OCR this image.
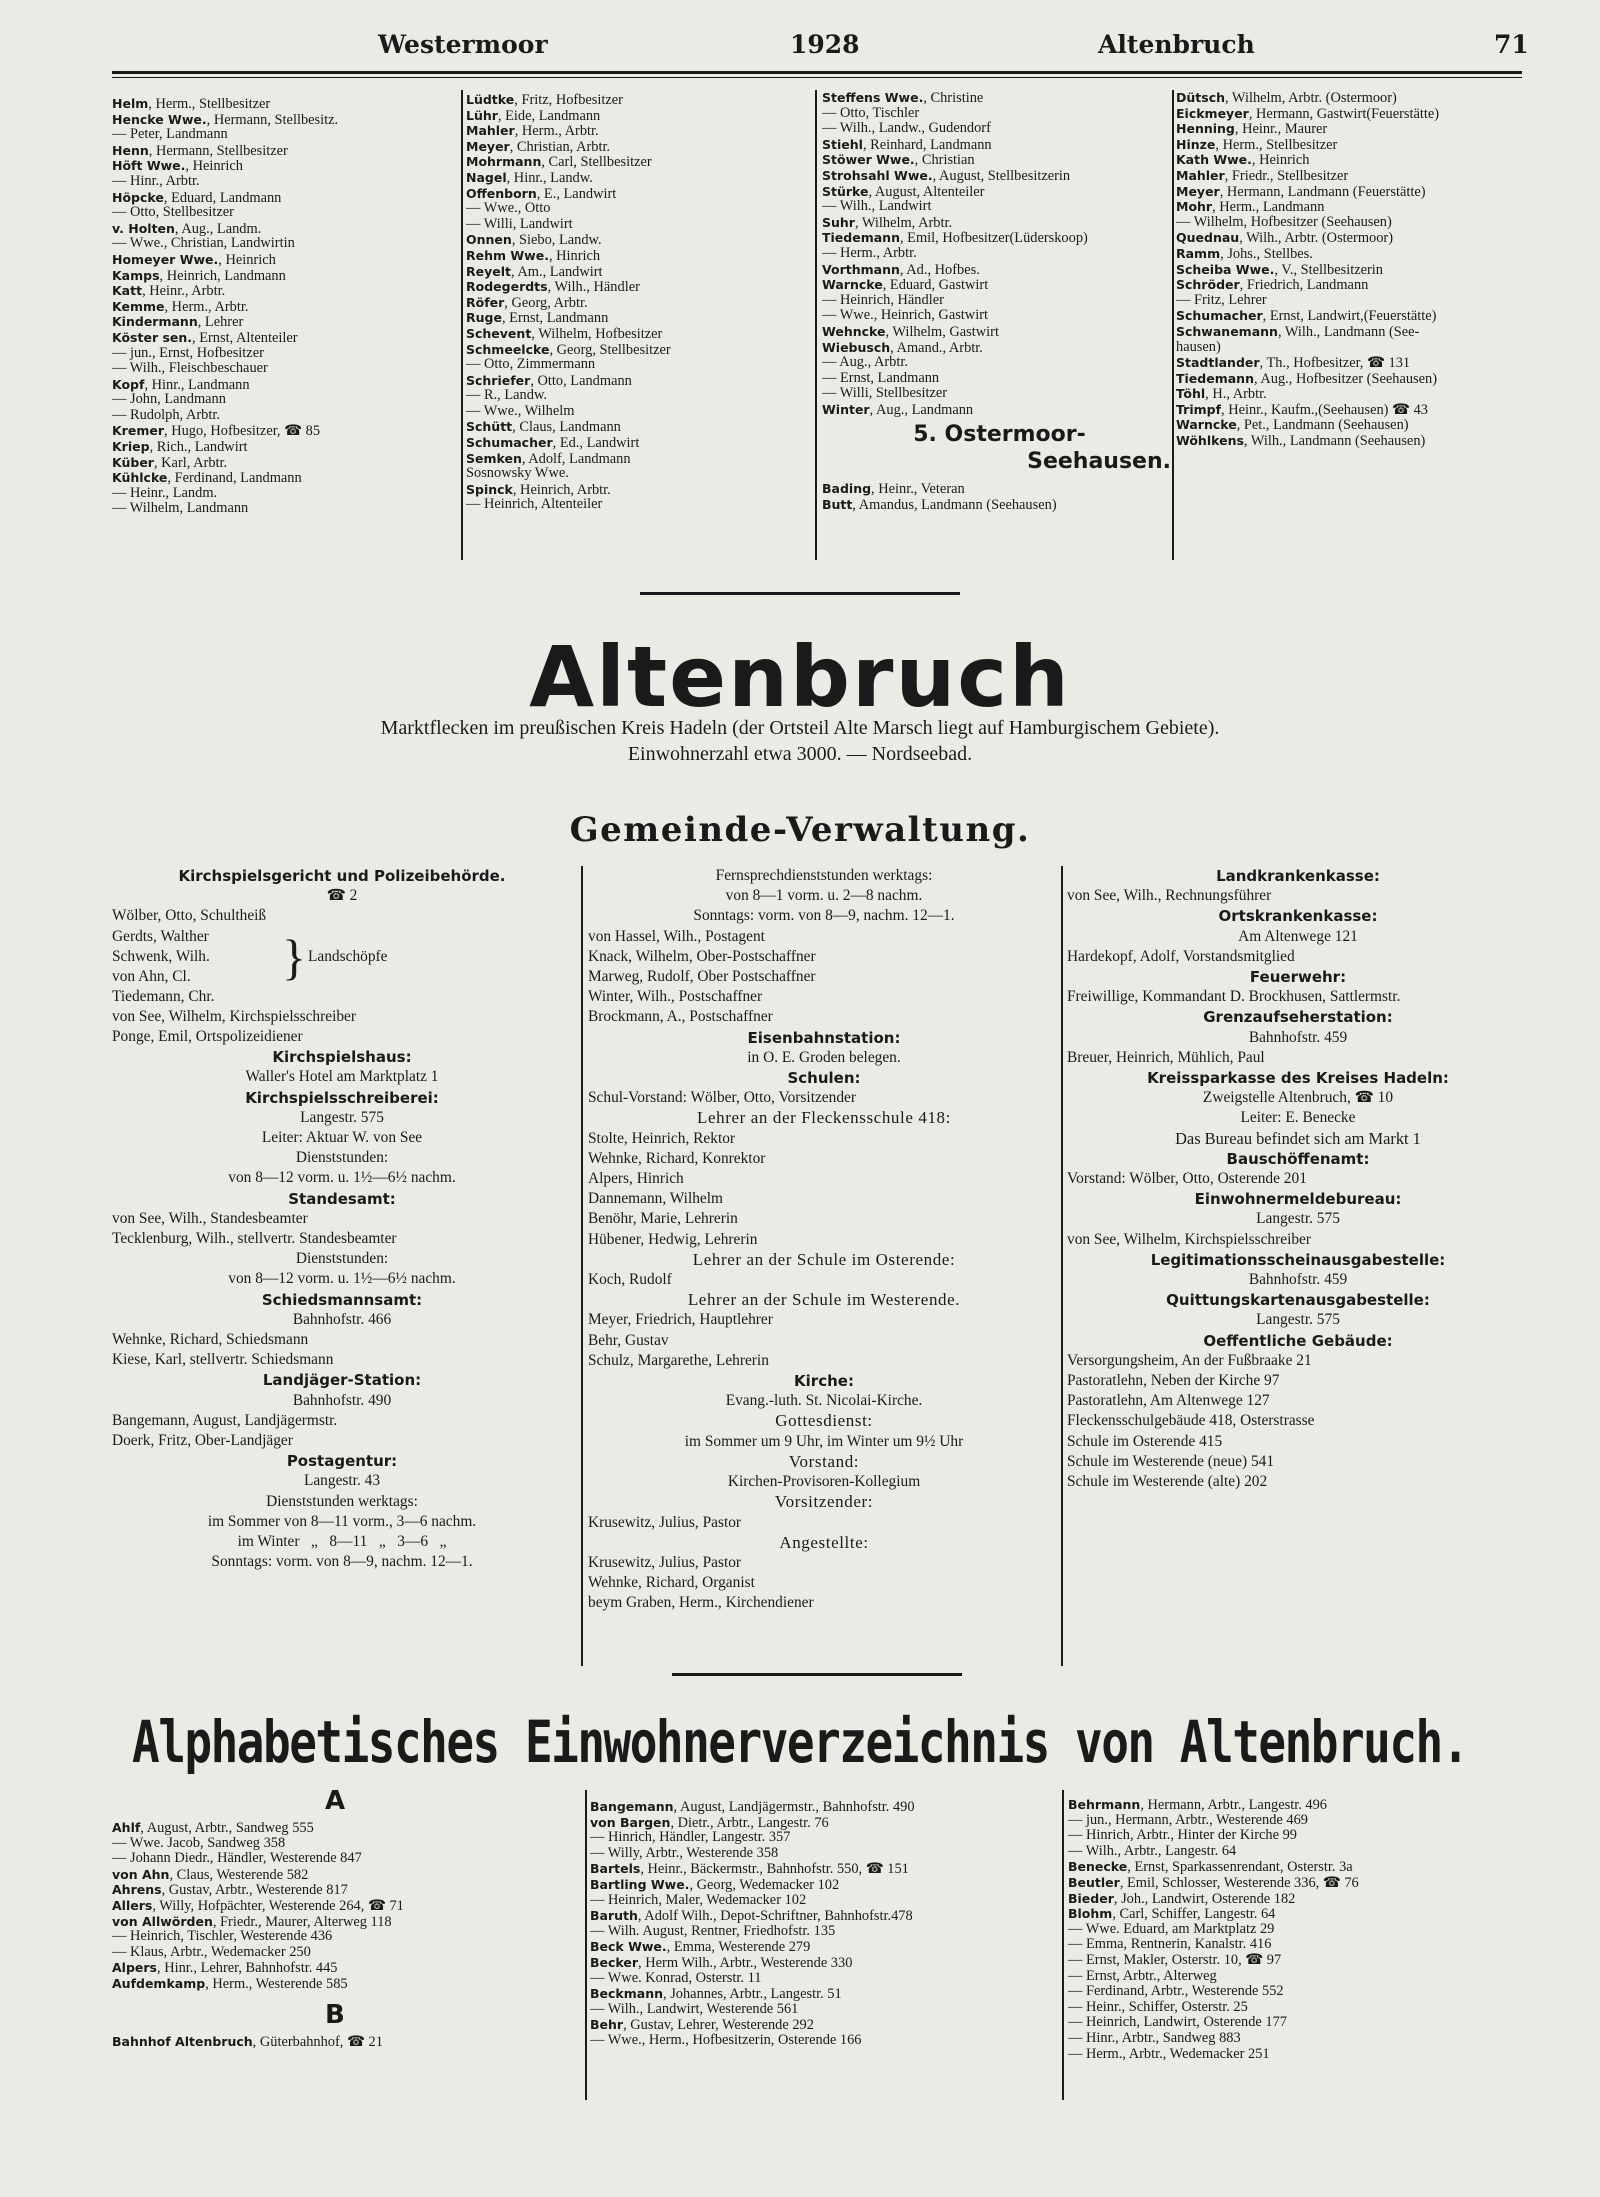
Westermoor	1928	Altenbruch	71
Helm, Herm., Stellbesitzer
Hencke Wwe., Hermann, Stellbesitz.
— Peter, Landmann
Henn, Hermann, Stellbesitzer
Höft Wwe., Heinrich
— Hinr., Arbtr.
Höpcke, Eduard, Landmann
— Otto, Stellbesitzer
v. Holten, Aug., Landm.
— Wwe., Christian, Landwirtin
Homeyer Wwe., Heinrich
Kamps, Heinrich, Landmann
Katt, Heinr., Arbtr.
Kemme, Herm., Arbtr.
Kindermann, Lehrer
Köster sen., Ernst, Altenteiler
— jun., Ernst, Hofbesitzer
— Wilh., Fleischbeschauer
Kopf, Hinr., Landmann
— John, Landmann
— Rudolph, Arbtr.
Kremer, Hugo, Hofbesitzer, ☎ 85
Kriep, Rich., Landwirt
Küber, Karl, Arbtr.
Kühlcke, Ferdinand, Landmann
— Heinr., Landm.
— Wilhelm, Landmann
Lüdtke, Fritz, Hofbesitzer
Lühr, Eide, Landmann
Mahler, Herm., Arbtr.
Meyer, Christian, Arbtr.
Mohrmann, Carl, Stellbesitzer
Nagel, Hinr., Landw.
Offenborn, E., Landwirt
— Wwe., Otto
— Willi, Landwirt
Onnen, Siebo, Landw.
Rehm Wwe., Hinrich
Reyelt, Am., Landwirt
Rodegerdts, Wilh., Händler
Röfer, Georg, Arbtr.
Ruge, Ernst, Landmann
Schevent, Wilhelm, Hofbesitzer
Schmeelcke, Georg, Stellbesitzer
— Otto, Zimmermann
Schriefer, Otto, Landmann
— R., Landw.
— Wwe., Wilhelm
Schütt, Claus, Landmann
Schumacher, Ed., Landwirt
Semken, Adolf, Landmann
Sosnowsky Wwe.
Spinck, Heinrich, Arbtr.
— Heinrich, Altenteiler
Steffens Wwe., Christine
— Otto, Tischler
— Wilh., Landw., Gudendorf
Stiehl, Reinhard, Landmann
Stöwer Wwe., Christian
Strohsahl Wwe., August, Stellbesitzerin
Stürke, August, Altenteiler
— Wilh., Landwirt
Suhr, Wilhelm, Arbtr.
Tiedemann, Emil, Hofbesitzer(Lüderskoop)
— Herm., Arbtr.
Vorthmann, Ad., Hofbes.
Warncke, Eduard, Gastwirt
— Heinrich, Händler
— Wwe., Heinrich, Gastwirt
Wehncke, Wilhelm, Gastwirt
Wiebusch, Amand., Arbtr.
— Aug., Arbtr.
— Ernst, Landmann
— Willi, Stellbesitzer
Winter, Aug., Landmann
5. Ostermoor-
Seehausen.
Bading, Heinr., Veteran
Butt, Amandus, Landmann (Seehausen)
Dütsch, Wilhelm, Arbtr. (Ostermoor)
Eickmeyer, Hermann, Gastwirt(Feuerstätte)
Henning, Heinr., Maurer
Hinze, Herm., Stellbesitzer
Kath Wwe., Heinrich
Mahler, Friedr., Stellbesitzer
Meyer, Hermann, Landmann (Feuerstätte)
Mohr, Herm., Landmann
— Wilhelm, Hofbesitzer (Seehausen)
Quednau, Wilh., Arbtr. (Ostermoor)
Ramm, Johs., Stellbes.
Scheiba Wwe., V., Stellbesitzerin
Schröder, Friedrich, Landmann
— Fritz, Lehrer
Schumacher, Ernst, Landwirt,(Feuerstätte)
Schwanemann, Wilh., Landmann (See-
hausen)
Stadtlander, Th., Hofbesitzer, ☎ 131
Tiedemann, Aug., Hofbesitzer (Seehausen)
Töhl, H., Arbtr.
Trimpf, Heinr., Kaufm.,(Seehausen) ☎ 43
Warncke, Pet., Landmann (Seehausen)
Wöhlkens, Wilh., Landmann (Seehausen)
Altenbruch
Marktflecken im preußischen Kreis Hadeln (der Ortsteil Alte Marsch liegt auf Hamburgischem Gebiete).
Einwohnerzahl etwa 3000. — Nordseebad.
Gemeinde-Verwaltung.
Kirchspielsgericht und Polizeibehörde.
☎ 2
Wölber, Otto, Schultheiß
Gerdts, Walther
Schwenk, Wilh.
von Ahn, Cl.	} Landschöpfe
Tiedemann, Chr.
von See, Wilhelm, Kirchspielsschreiber
Ponge, Emil, Ortspolizeidiener
Kirchspielshaus:
Waller's Hotel am Marktplatz 1
Kirchspielsschreiberei:
Langestr. 575
Leiter: Aktuar W. von See
Dienststunden:
von 8—12 vorm. u. 1½—6½ nachm.
Standesamt:
von See, Wilh., Standesbeamter
Tecklenburg, Wilh., stellvertr. Standesbeamter
Dienststunden:
von 8—12 vorm. u. 1½—6½ nachm.
Schiedsmannsamt:
Bahnhofstr. 466
Wehnke, Richard, Schiedsmann
Kiese, Karl, stellvertr. Schiedsmann
Landjäger-Station:
Bahnhofstr. 490
Bangemann, August, Landjägermstr.
Doerk, Fritz, Ober-Landjäger
Postagentur:
Langestr. 43
Dienststunden werktags:
im Sommer von 8—11 vorm., 3—6 nachm.
im Winter   „   8—11   „   3—6   „
Sonntags: vorm. von 8—9, nachm. 12—1.
Fernsprechdienststunden werktags:
von 8—1 vorm. u. 2—8 nachm.
Sonntags: vorm. von 8—9, nachm. 12—1.
von Hassel, Wilh., Postagent
Knack, Wilhelm, Ober-Postschaffner
Marweg, Rudolf, Ober Postschaffner
Winter, Wilh., Postschaffner
Brockmann, A., Postschaffner
Eisenbahnstation:
in O. E. Groden belegen.
Schulen:
Schul-Vorstand: Wölber, Otto, Vorsitzender
Lehrer an der Fleckensschule 418:
Stolte, Heinrich, Rektor
Wehnke, Richard, Konrektor
Alpers, Hinrich
Dannemann, Wilhelm
Benöhr, Marie, Lehrerin
Hübener, Hedwig, Lehrerin
Lehrer an der Schule im Osterende:
Koch, Rudolf
Lehrer an der Schule im Westerende.
Meyer, Friedrich, Hauptlehrer
Behr, Gustav
Schulz, Margarethe, Lehrerin
Kirche:
Evang.-luth. St. Nicolai-Kirche.
Gottesdienst:
im Sommer um 9 Uhr, im Winter um 9½ Uhr
Vorstand:
Kirchen-Provisoren-Kollegium
Vorsitzender:
Krusewitz, Julius, Pastor
Angestellte:
Krusewitz, Julius, Pastor
Wehnke, Richard, Organist
beym Graben, Herm., Kirchendiener
Landkrankenkasse:
von See, Wilh., Rechnungsführer
Ortskrankenkasse:
Am Altenwege 121
Hardekopf, Adolf, Vorstandsmitglied
Feuerwehr:
Freiwillige, Kommandant D. Brockhusen, Sattlermstr.
Grenzaufseherstation:
Bahnhofstr. 459
Breuer, Heinrich, Mühlich, Paul
Kreissparkasse des Kreises Hadeln:
Zweigstelle Altenbruch, ☎ 10
Leiter: E. Benecke
Das Bureau befindet sich am Markt 1
Bauschöffenamt:
Vorstand: Wölber, Otto, Osterende 201
Einwohnermeldebureau:
Langestr. 575
von See, Wilhelm, Kirchspielsschreiber
Legitimationsscheinausgabestelle:
Bahnhofstr. 459
Quittungskartenausgabestelle:
Langestr. 575
Oeffentliche Gebäude:
Versorgungsheim, An der Fußbraake 21
Pastoratlehn, Neben der Kirche 97
Pastoratlehn, Am Altenwege 127
Fleckensschulgebäude 418, Osterstrasse
Schule im Osterende 415
Schule im Westerende (neue) 541
Schule im Westerende (alte) 202
Alphabetisches Einwohnerverzeichnis von Altenbruch.
A
Ahlf, August, Arbtr., Sandweg 555
— Wwe. Jacob, Sandweg 358
— Johann Diedr., Händler, Westerende 847
von Ahn, Claus, Westerende 582
Ahrens, Gustav, Arbtr., Westerende 817
Allers, Willy, Hofpächter, Westerende 264, ☎ 71
von Allwörden, Friedr., Maurer, Alterweg 118
— Heinrich, Tischler, Westerende 436
— Klaus, Arbtr., Wedemacker 250
Alpers, Hinr., Lehrer, Bahnhofstr. 445
Aufdemkamp, Herm., Westerende 585
B
Bahnhof Altenbruch, Güterbahnhof, ☎ 21
Bangemann, August, Landjägermstr., Bahnhofstr. 490
von Bargen, Dietr., Arbtr., Langestr. 76
— Hinrich, Händler, Langestr. 357
— Willy, Arbtr., Westerende 358
Bartels, Heinr., Bäckermstr., Bahnhofstr. 550, ☎ 151
Bartling Wwe., Georg, Wedemacker 102
— Heinrich, Maler, Wedemacker 102
Baruth, Adolf Wilh., Depot-Schriftner, Bahnhofstr.478
— Wilh. August, Rentner, Friedhofstr. 135
Beck Wwe., Emma, Westerende 279
Becker, Herm Wilh., Arbtr., Westerende 330
— Wwe. Konrad, Osterstr. 11
Beckmann, Johannes, Arbtr., Langestr. 51
— Wilh., Landwirt, Westerende 561
Behr, Gustav, Lehrer, Westerende 292
— Wwe., Herm., Hofbesitzerin, Osterende 166
Behrmann, Hermann, Arbtr., Langestr. 496
— jun., Hermann, Arbtr., Westerende 469
— Hinrich, Arbtr., Hinter der Kirche 99
— Wilh., Arbtr., Langestr. 64
Benecke, Ernst, Sparkassenrendant, Osterstr. 3a
Beutler, Emil, Schlosser, Westerende 336, ☎ 76
Bieder, Joh., Landwirt, Osterende 182
Blohm, Carl, Schiffer, Langestr. 64
— Wwe. Eduard, am Marktplatz 29
— Emma, Rentnerin, Kanalstr. 416
— Ernst, Makler, Osterstr. 10, ☎ 97
— Ernst, Arbtr., Alterweg
— Ferdinand, Arbtr., Westerende 552
— Heinr., Schiffer, Osterstr. 25
— Heinrich, Landwirt, Osterende 177
— Hinr., Arbtr., Sandweg 883
— Herm., Arbtr., Wedemacker 251
